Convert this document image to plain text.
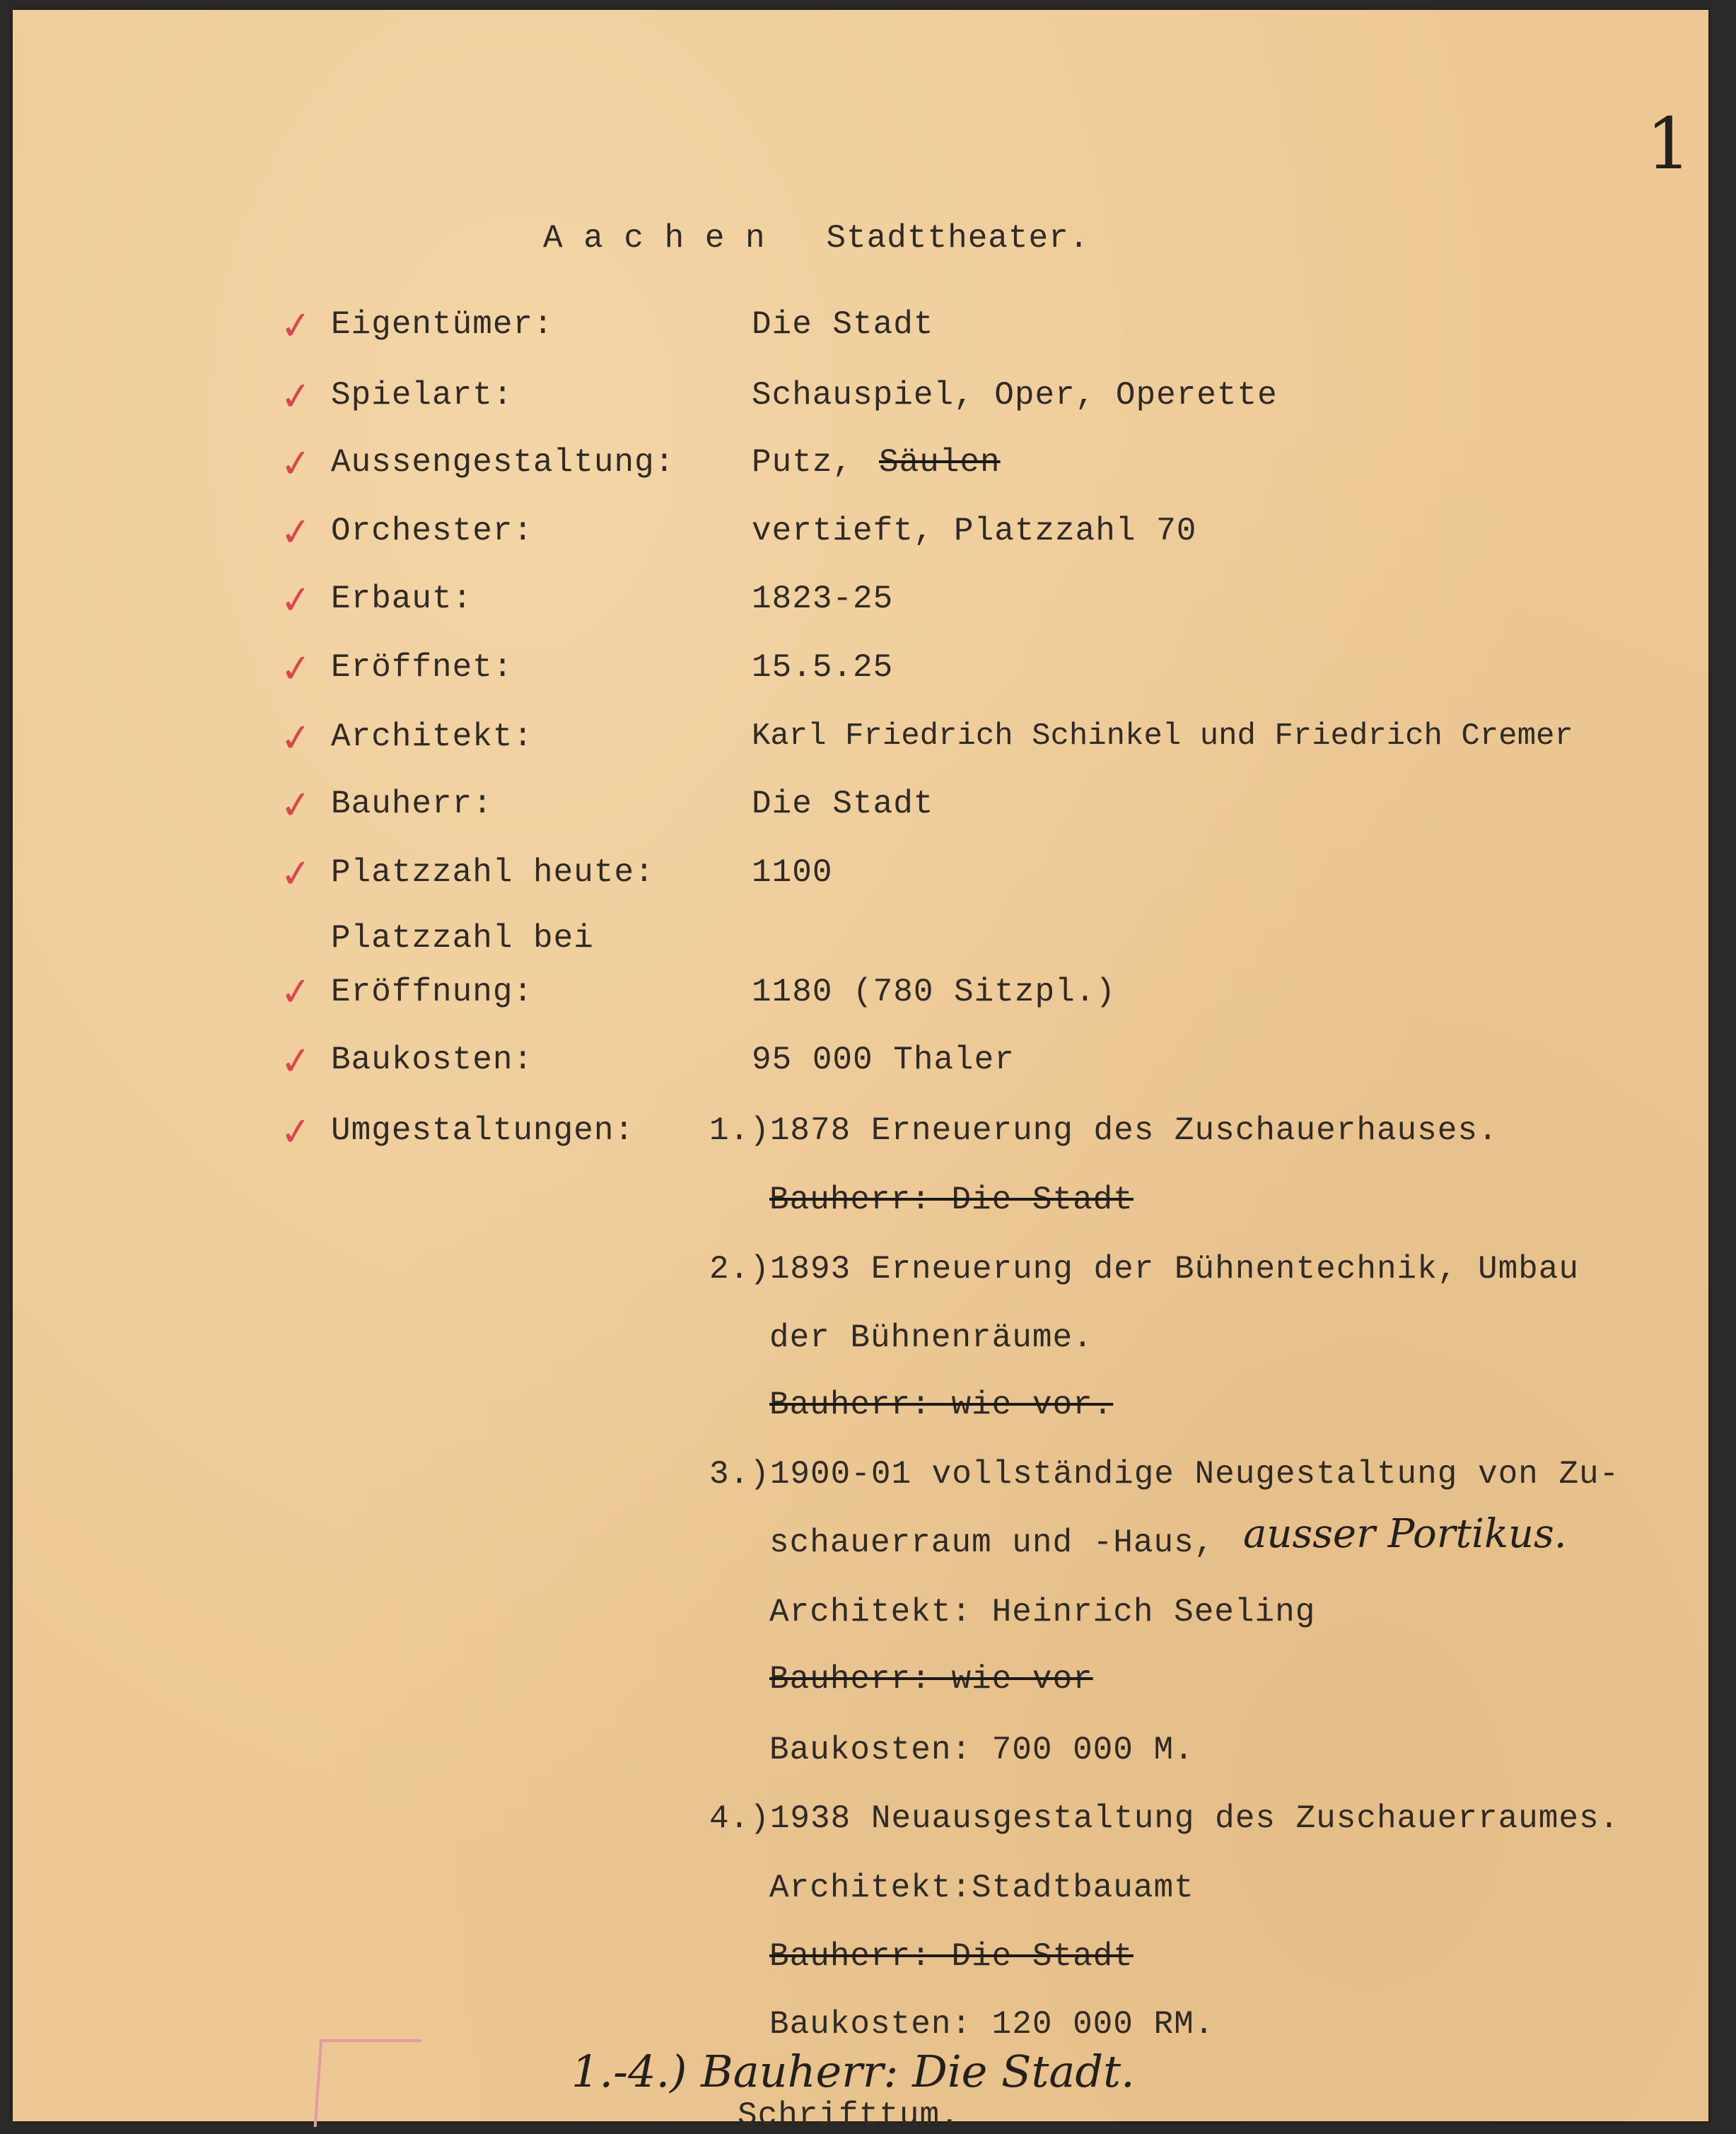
1
A a c h e n   Stadttheater.
✓ Eigentümer:	Die Stadt
✓ Spielart:	Schauspiel, Oper, Operette
✓ Aussengestaltung: Putz, Säulen
✓ Orchester:	vertieft, Platzzahl 70
✓ Erbaut:	1823-25
✓ Eröffnet:	15.5.25
✓ Architekt:	Karl Friedrich Schinkel und Friedrich Cremer
✓ Bauherr:	Die Stadt
✓ Platzzahl heute:	1100
Platzzahl bei
✓ Eröffnung:	1180 (780 Sitzpl.)
✓ Baukosten:	95 000 Thaler
✓ Umgestaltungen: 1.)1878 Erneuerung des Zuschauerhauses.
Bauherr: Die Stadt
2.)1893 Erneuerung der Bühnentechnik, Umbau
der Bühnenräume.
Bauherr: wie vor.
3.)1900-01 vollständige Neugestaltung von Zu-
schauerraum und -Haus, ausser Portikus.
Architekt: Heinrich Seeling
Bauherr: wie vor
Baukosten: 700 000 M.
4.)1938 Neuausgestaltung des Zuschauerraumes.
Architekt:Stadtbauamt
Bauherr: Die Stadt
Baukosten: 120 000 RM.
1.-4.) Bauherr: Die Stadt.
Schrifttum.
